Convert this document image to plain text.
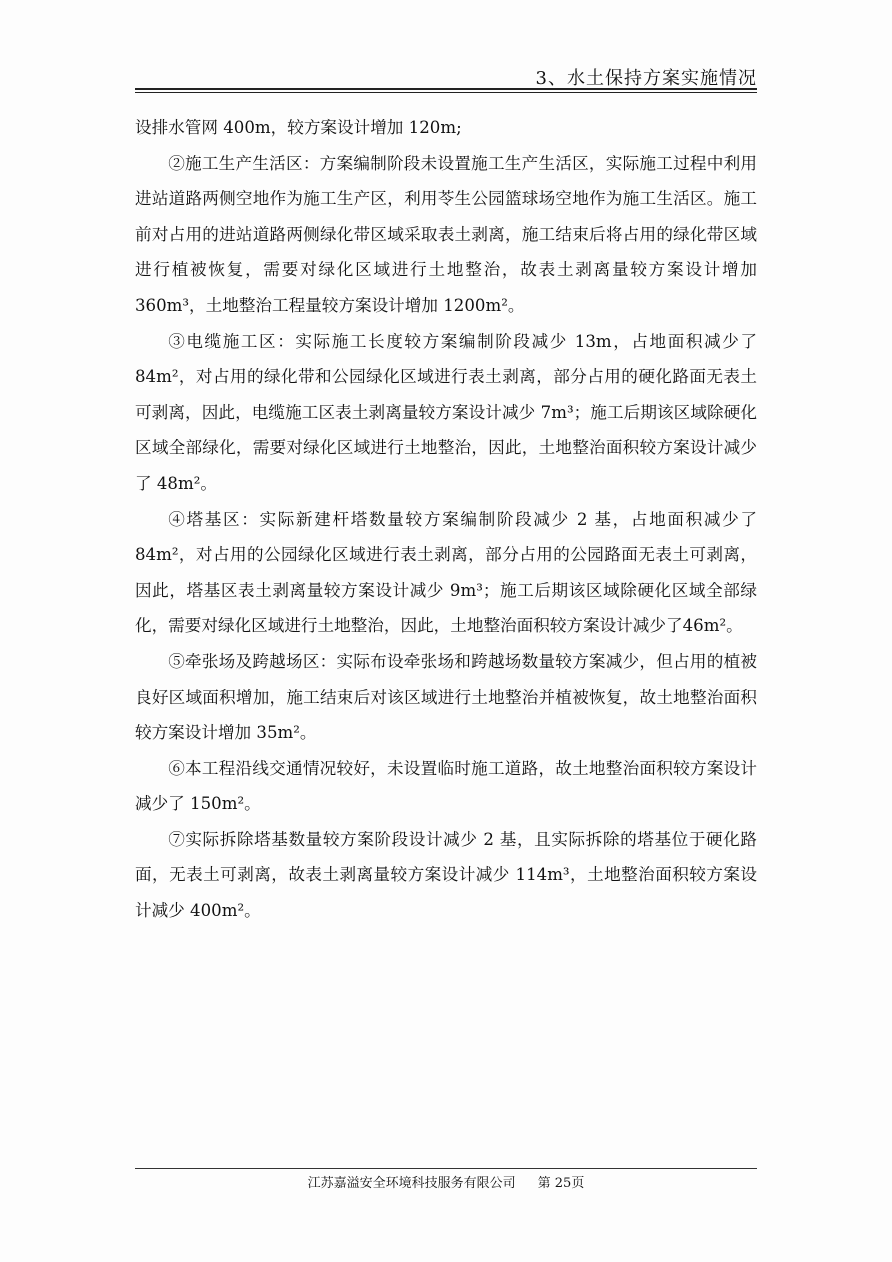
3、水土保持方案实施情况

设排水管网 400m，较方案设计增加 120m;

②施工生产生活区：方案编制阶段未设置施工生产生活区，实际施工过程中利用进站道路两侧空地作为施工生产区，利用苓生公园篮球场空地作为施工生活区。施工前对占用的进站道路两侧绿化带区域采取表土剥离，施工结束后将占用的绿化带区域进行植被恢复，需要对绿化区域进行土地整治，故表土剥离量较方案设计增加 360m³，土地整治工程量较方案设计增加 1200m²。

③电缆施工区：实际施工长度较方案编制阶段减少 13m，占地面积减少了84m²，对占用的绿化带和公园绿化区域进行表土剥离，部分占用的硬化路面无表土可剥离，因此，电缆施工区表土剥离量较方案设计减少 7m³；施工后期该区域除硬化区域全部绿化，需要对绿化区域进行土地整治，因此，土地整治面积较方案设计减少了 48m²。

④塔基区：实际新建杆塔数量较方案编制阶段减少 2 基，占地面积减少了84m²，对占用的公园绿化区域进行表土剥离，部分占用的公园路面无表土可剥离，因此，塔基区表土剥离量较方案设计减少 9m³；施工后期该区域除硬化区域全部绿化，需要对绿化区域进行土地整治，因此，土地整治面积较方案设计减少了46m²。

⑤牵张场及跨越场区：实际布设牵张场和跨越场数量较方案减少，但占用的植被良好区域面积增加，施工结束后对该区域进行土地整治并植被恢复，故土地整治面积较方案设计增加 35m²。

⑥本工程沿线交通情况较好，未设置临时施工道路，故土地整治面积较方案设计减少了 150m²。

⑦实际拆除塔基数量较方案阶段设计减少 2 基，且实际拆除的塔基位于硬化路面，无表土可剥离，故表土剥离量较方案设计减少 114m³，土地整治面积较方案设计减少 400m²。

江苏嘉溢安全环境科技服务有限公司 第 25页
